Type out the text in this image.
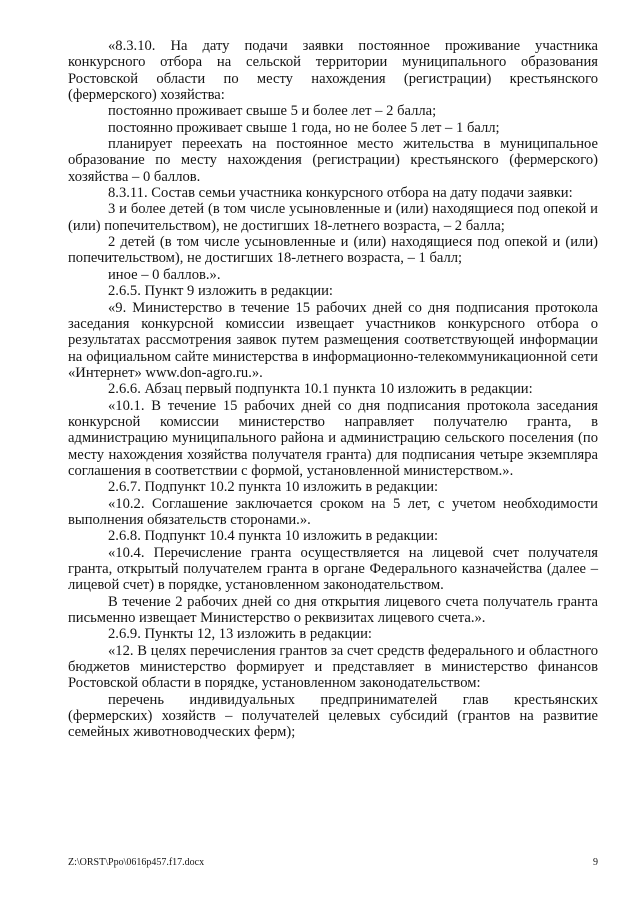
«8.3.10. На дату подачи заявки постоянное проживание участника конкурсного отбора на сельской территории муниципального образования Ростовской области по месту нахождения (регистрации) крестьянского (фермерского) хозяйства:

постоянно проживает свыше 5 и более лет – 2 балла;

постоянно проживает свыше 1 года, но не более 5 лет – 1 балл;

планирует переехать на постоянное место жительства в муниципальное образование по месту нахождения (регистрации) крестьянского (фермерского) хозяйства – 0 баллов.

8.3.11. Состав семьи участника конкурсного отбора на дату подачи заявки:

3 и более детей (в том числе усыновленные и (или) находящиеся под опекой и (или) попечительством), не достигших 18-летнего возраста, – 2 балла;

2 детей (в том числе усыновленные и (или) находящиеся под опекой и (или) попечительством), не достигших 18-летнего возраста, – 1 балл;

иное – 0 баллов.».

2.6.5. Пункт 9 изложить в редакции:

«9. Министерство в течение 15 рабочих дней со дня подписания протокола заседания конкурсной комиссии извещает участников конкурсного отбора о результатах рассмотрения заявок путем размещения соответствующей информации на официальном сайте министерства в информационно-телекоммуникационной сети «Интернет» www.don-agro.ru.».

2.6.6. Абзац первый подпункта 10.1 пункта 10 изложить в редакции:

«10.1. В течение 15 рабочих дней со дня подписания протокола заседания конкурсной комиссии министерство направляет получателю гранта, в администрацию муниципального района и администрацию сельского поселения (по месту нахождения хозяйства получателя гранта) для подписания четыре экземпляра соглашения в соответствии с формой, установленной министерством.».

2.6.7. Подпункт 10.2 пункта 10 изложить в редакции:

«10.2. Соглашение заключается сроком на 5 лет, с учетом необходимости выполнения обязательств сторонами.».

2.6.8. Подпункт 10.4 пункта 10 изложить в редакции:

«10.4. Перечисление гранта осуществляется на лицевой счет получателя гранта, открытый получателем гранта в органе Федерального казначейства (далее – лицевой счет) в порядке, установленном законодательством.

В течение 2 рабочих дней со дня открытия лицевого счета получатель гранта письменно извещает Министерство о реквизитах лицевого счета.».

2.6.9. Пункты 12, 13 изложить в редакции:

«12. В целях перечисления грантов за счет средств федерального и областного бюджетов министерство формирует и представляет в министерство финансов Ростовской области в порядке, установленном законодательством:

перечень индивидуальных предпринимателей глав крестьянских (фермерских) хозяйств – получателей целевых субсидий (грантов на развитие семейных животноводческих ферм);

Z:\ORST\Ppo\0616p457.f17.docx	9
